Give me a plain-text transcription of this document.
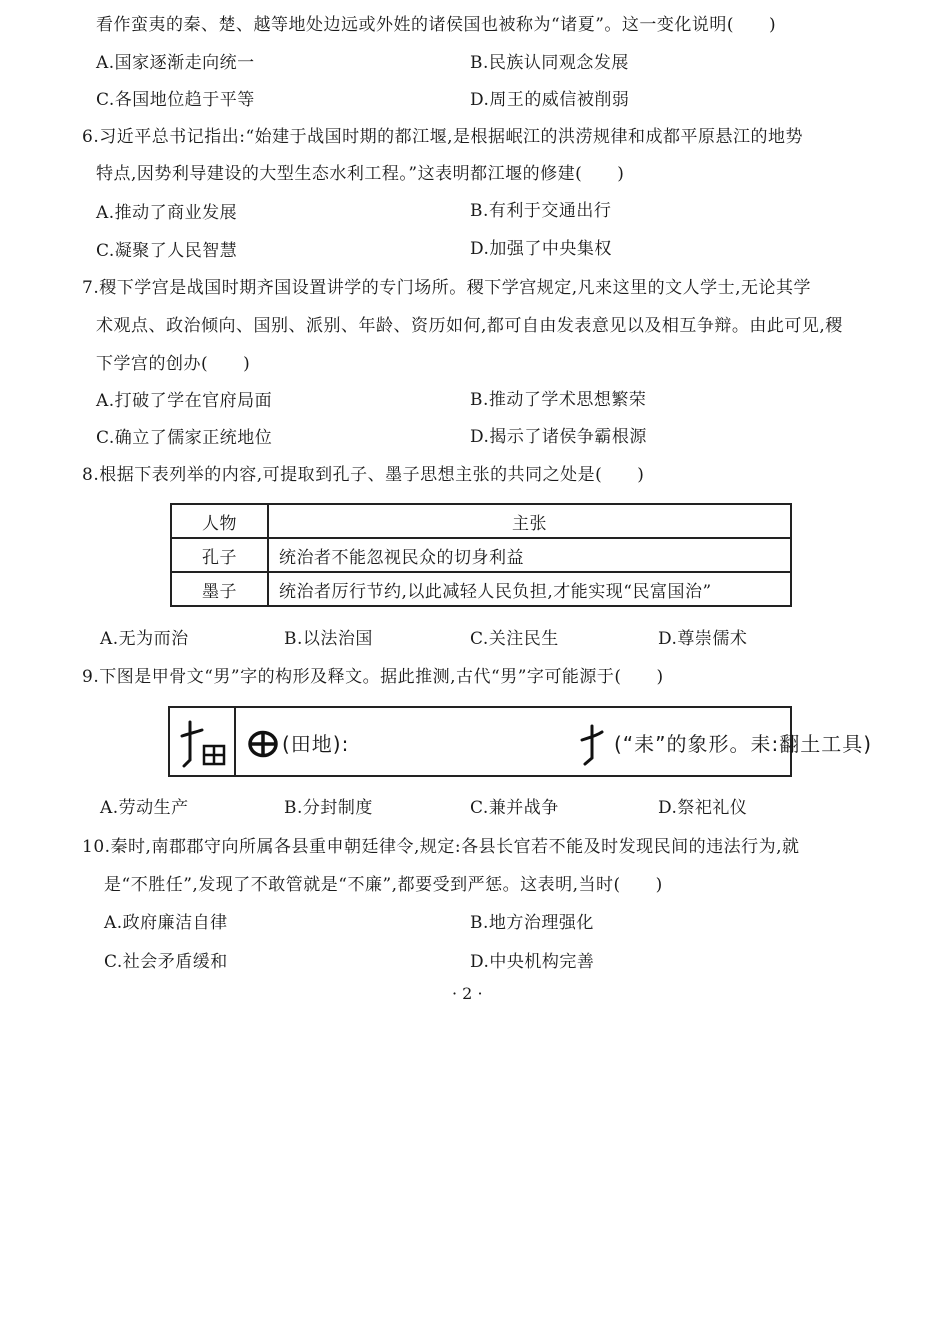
看作蛮夷的秦、楚、越等地处边远或外姓的诸侯国也被称为“诸夏”。这一变化说明(　　)
A.国家逐渐走向统一	B.民族认同观念发展
C.各国地位趋于平等	D.周王的威信被削弱
6.习近平总书记指出:“始建于战国时期的都江堰,是根据岷江的洪涝规律和成都平原悬江的地势
特点,因势利导建设的大型生态水利工程。”这表明都江堰的修建(　　)
A.推动了商业发展	B.有利于交通出行
C.凝聚了人民智慧	D.加强了中央集权
7.稷下学宫是战国时期齐国设置讲学的专门场所。稷下学宫规定,凡来这里的文人学士,无论其学
术观点、政治倾向、国别、派别、年龄、资历如何,都可自由发表意见以及相互争辩。由此可见,稷
下学宫的创办(　　)
A.打破了学在官府局面	B.推动了学术思想繁荣
C.确立了儒家正统地位	D.揭示了诸侯争霸根源
8.根据下表列举的内容,可提取到孔子、墨子思想主张的共同之处是(　　)
人物	主张
孔子	统治者不能忽视民众的切身利益
墨子	统治者厉行节约,以此减轻人民负担,才能实现“民富国治”
A.无为而治	B.以法治国	C.关注民生	D.尊崇儒术
9.下图是甲骨文“男”字的构形及释文。据此推测,古代“男”字可能源于(　　)
(田地):	(“耒”的象形。耒:翻土工具)
A.劳动生产	B.分封制度	C.兼并战争	D.祭祀礼仪
10.秦时,南郡郡守向所属各县重申朝廷律令,规定:各县长官若不能及时发现民间的违法行为,就
是“不胜任”,发现了不敢管就是“不廉”,都要受到严惩。这表明,当时(　　)
A.政府廉洁自律	B.地方治理强化
C.社会矛盾缓和	D.中央机构完善
· 2 ·
